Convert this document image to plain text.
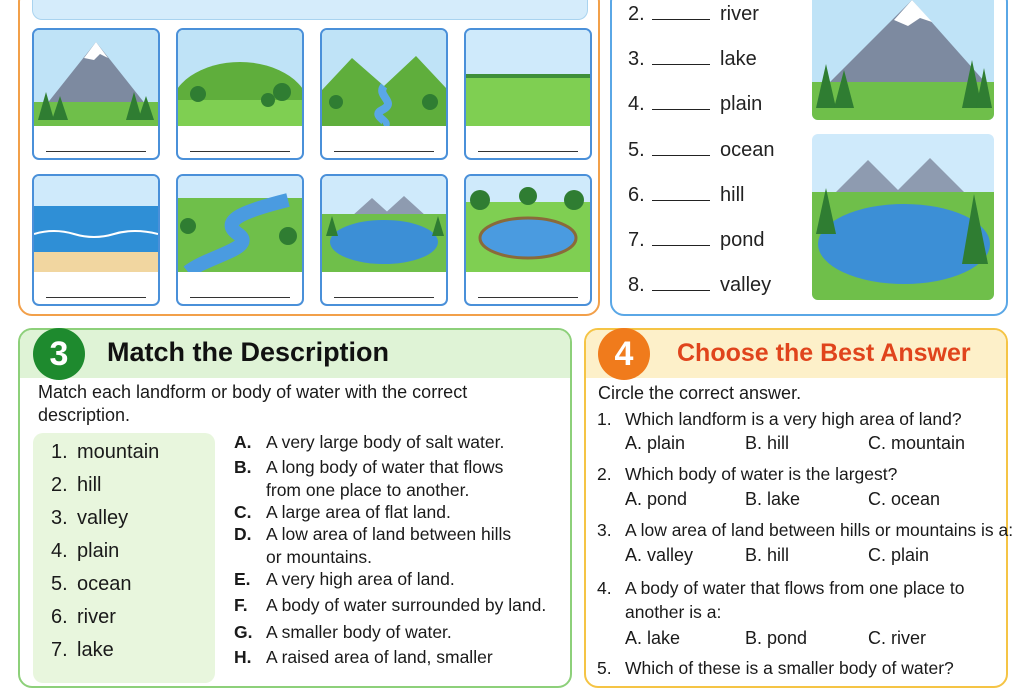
2.	river
3.	lake
4.	plain
5.	ocean
6.	hill
7.	pond
8.	valley
3	Match the Description
Match each landform or body of water with the correct description.
1. mountain
2. hill
3. valley
4. plain
5. ocean
6. river
7. lake
A. A very large body of salt water.
B. A long body of water that flows from one place to another.
C. A large area of flat land.
D. A low area of land between hills or mountains.
E. A very high area of land.
F.	A body of water surrounded by land.
G. A smaller body of water.
H. A raised area of land, smaller
4	Choose the Best Answer
Circle the correct answer.
1. Which landform is a very high area of land?
A. plain	B. hill	C. mountain
2. Which body of water is the largest?
A. pond	B. lake	C. ocean
3. A low area of land between hills or mountains is a:
A. valley	B. hill	C. plain
4. A body of water that flows from one place to another is a:
A. lake	B. pond	C. river
5. Which of these is a smaller body of water?
